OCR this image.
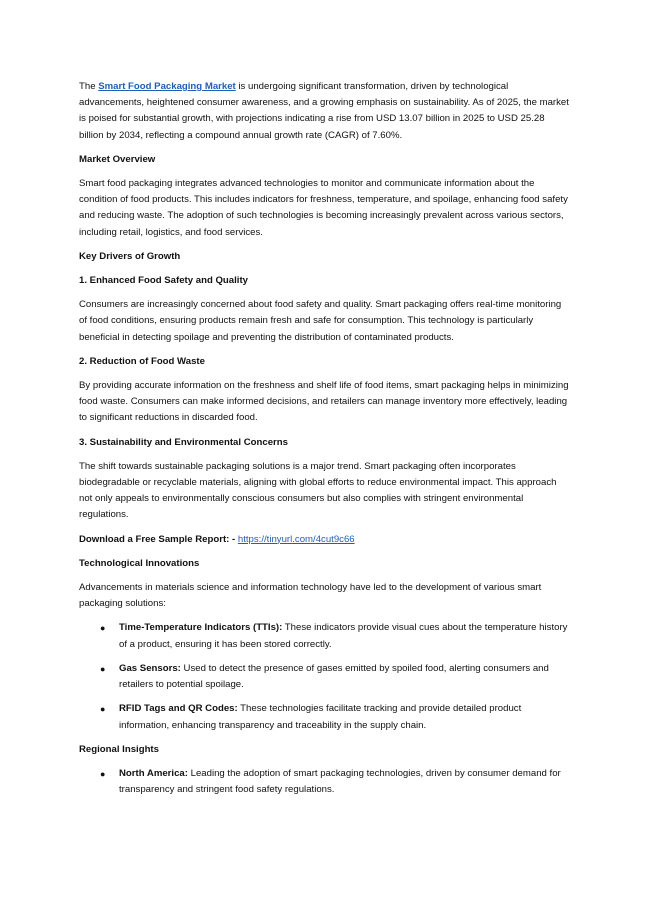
The Smart Food Packaging Market is undergoing significant transformation, driven by technological advancements, heightened consumer awareness, and a growing emphasis on sustainability. As of 2025, the market is poised for substantial growth, with projections indicating a rise from USD 13.07 billion in 2025 to USD 25.28 billion by 2034, reflecting a compound annual growth rate (CAGR) of 7.60%.

Market Overview

Smart food packaging integrates advanced technologies to monitor and communicate information about the condition of food products. This includes indicators for freshness, temperature, and spoilage, enhancing food safety and reducing waste. The adoption of such technologies is becoming increasingly prevalent across various sectors, including retail, logistics, and food services.

Key Drivers of Growth

1. Enhanced Food Safety and Quality

Consumers are increasingly concerned about food safety and quality. Smart packaging offers real-time monitoring of food conditions, ensuring products remain fresh and safe for consumption. This technology is particularly beneficial in detecting spoilage and preventing the distribution of contaminated products.

2. Reduction of Food Waste

By providing accurate information on the freshness and shelf life of food items, smart packaging helps in minimizing food waste. Consumers can make informed decisions, and retailers can manage inventory more effectively, leading to significant reductions in discarded food.

3. Sustainability and Environmental Concerns

The shift towards sustainable packaging solutions is a major trend. Smart packaging often incorporates biodegradable or recyclable materials, aligning with global efforts to reduce environmental impact. This approach not only appeals to environmentally conscious consumers but also complies with stringent environmental regulations.

Download a Free Sample Report: - https://tinyurl.com/4cut9c66

Technological Innovations

Advancements in materials science and information technology have led to the development of various smart packaging solutions:

● Time-Temperature Indicators (TTIs): These indicators provide visual cues about the temperature history of a product, ensuring it has been stored correctly.
● Gas Sensors: Used to detect the presence of gases emitted by spoiled food, alerting consumers and retailers to potential spoilage.
● RFID Tags and QR Codes: These technologies facilitate tracking and provide detailed product information, enhancing transparency and traceability in the supply chain.

Regional Insights

● North America: Leading the adoption of smart packaging technologies, driven by consumer demand for transparency and stringent food safety regulations.
